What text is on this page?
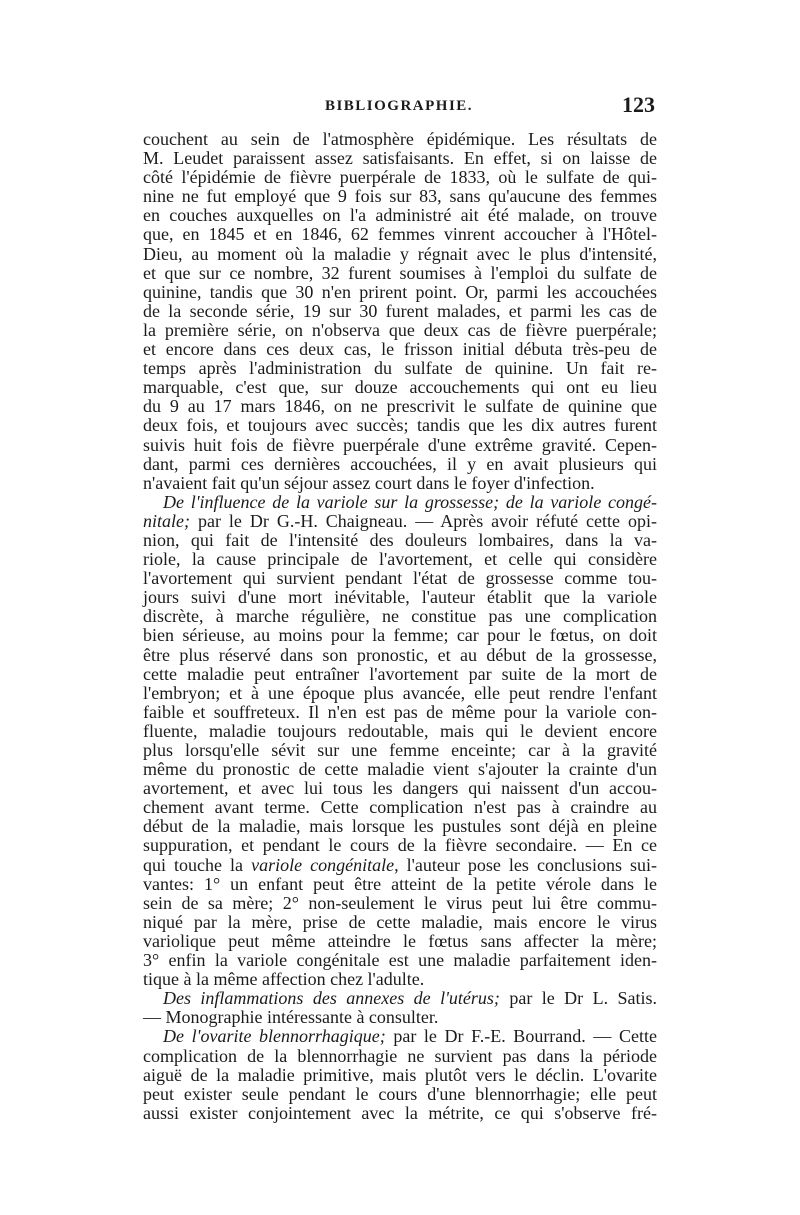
BIBLIOGRAPHIE.	123
couchent au sein de l'atmosphère épidémique. Les résultats de
M. Leudet paraissent assez satisfaisants. En effet, si on laisse de
côté l'épidémie de fièvre puerpérale de 1833, où le sulfate de qui-
nine ne fut employé que 9 fois sur 83, sans qu'aucune des femmes
en couches auxquelles on l'a administré ait été malade, on trouve
que, en 1845 et en 1846, 62 femmes vinrent accoucher à l'Hôtel-
Dieu, au moment où la maladie y régnait avec le plus d'intensité,
et que sur ce nombre, 32 furent soumises à l'emploi du sulfate de
quinine, tandis que 30 n'en prirent point. Or, parmi les accouchées
de la seconde série, 19 sur 30 furent malades, et parmi les cas de
la première série, on n'observa que deux cas de fièvre puerpérale;
et encore dans ces deux cas, le frisson initial débuta très-peu de
temps après l'administration du sulfate de quinine. Un fait re-
marquable, c'est que, sur douze accouchements qui ont eu lieu
du 9 au 17 mars 1846, on ne prescrivit le sulfate de quinine que
deux fois, et toujours avec succès; tandis que les dix autres furent
suivis huit fois de fièvre puerpérale d'une extrême gravité. Cepen-
dant, parmi ces dernières accouchées, il y en avait plusieurs qui
n'avaient fait qu'un séjour assez court dans le foyer d'infection.
De l'influence de la variole sur la grossesse; de la variole congé-
nitale; par le Dr G.-H. Chaigneau. — Après avoir réfuté cette opi-
nion, qui fait de l'intensité des douleurs lombaires, dans la va-
riole, la cause principale de l'avortement, et celle qui considère
l'avortement qui survient pendant l'état de grossesse comme tou-
jours suivi d'une mort inévitable, l'auteur établit que la variole
discrète, à marche régulière, ne constitue pas une complication
bien sérieuse, au moins pour la femme; car pour le fœtus, on doit
être plus réservé dans son pronostic, et au début de la grossesse,
cette maladie peut entraîner l'avortement par suite de la mort de
l'embryon; et à une époque plus avancée, elle peut rendre l'enfant
faible et souffreteux. Il n'en est pas de même pour la variole con-
fluente, maladie toujours redoutable, mais qui le devient encore
plus lorsqu'elle sévit sur une femme enceinte; car à la gravité
même du pronostic de cette maladie vient s'ajouter la crainte d'un
avortement, et avec lui tous les dangers qui naissent d'un accou-
chement avant terme. Cette complication n'est pas à craindre au
début de la maladie, mais lorsque les pustules sont déjà en pleine
suppuration, et pendant le cours de la fièvre secondaire. — En ce
qui touche la variole congénitale, l'auteur pose les conclusions sui-
vantes: 1° un enfant peut être atteint de la petite vérole dans le
sein de sa mère; 2° non-seulement le virus peut lui être commu-
niqué par la mère, prise de cette maladie, mais encore le virus
variolique peut même atteindre le fœtus sans affecter la mère;
3° enfin la variole congénitale est une maladie parfaitement iden-
tique à la même affection chez l'adulte.
Des inflammations des annexes de l'utérus; par le Dr L. Satis.
— Monographie intéressante à consulter.
De l'ovarite blennorrhagique; par le Dr F.-E. Bourrand. — Cette
complication de la blennorrhagie ne survient pas dans la période
aiguë de la maladie primitive, mais plutôt vers le déclin. L'ovarite
peut exister seule pendant le cours d'une blennorrhagie; elle peut
aussi exister conjointement avec la métrite, ce qui s'observe fré-
